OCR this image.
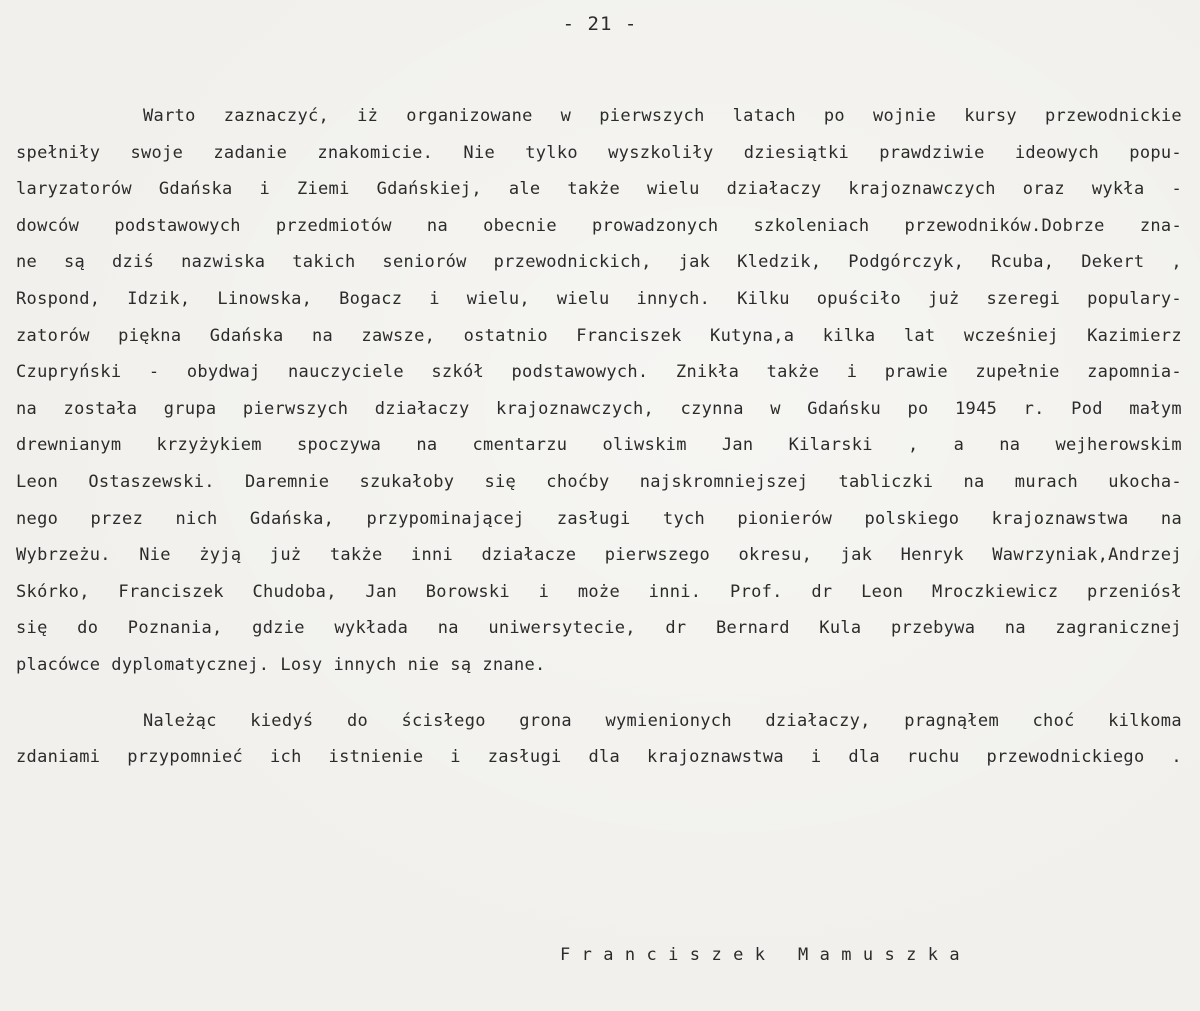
- 21 -
Warto zaznaczyć, iż organizowane w pierwszych latach po wojnie kursy przewodnickie
spełniły swoje zadanie znakomicie. Nie tylko wyszkoliły dziesiątki prawdziwie ideowych popu-
laryzatorów Gdańska i Ziemi Gdańskiej, ale także wielu działaczy krajoznawczych oraz wykła -
dowców podstawowych przedmiotów na obecnie prowadzonych szkoleniach przewodników.Dobrze zna-
ne są dziś nazwiska takich seniorów przewodnickich, jak Kledzik, Podgórczyk, Rcuba, Dekert ,
Rospond, Idzik, Linowska, Bogacz i wielu, wielu innych. Kilku opuściło już szeregi populary-
zatorów piękna Gdańska na zawsze, ostatnio Franciszek Kutyna,a kilka lat wcześniej Kazimierz
Czupryński - obydwaj nauczyciele szkół podstawowych. Znikła także i prawie zupełnie zapomnia-
na została grupa pierwszych działaczy krajoznawczych, czynna w Gdańsku po 1945 r. Pod małym
drewnianym krzyżykiem spoczywa na cmentarzu oliwskim Jan Kilarski , a na wejherowskim
Leon Ostaszewski. Daremnie szukałoby się choćby najskromniejszej tabliczki na murach ukocha-
nego przez nich Gdańska, przypominającej zasługi tych pionierów polskiego krajoznawstwa na
Wybrzeżu. Nie żyją już także inni działacze pierwszego okresu, jak Henryk Wawrzyniak,Andrzej
Skórko, Franciszek Chudoba, Jan Borowski i może inni. Prof. dr Leon Mroczkiewicz przeniósł
się do Poznania, gdzie wykłada na uniwersytecie, dr Bernard Kula przebywa na zagranicznej
placówce dyplomatycznej. Losy innych nie są znane.
Należąc kiedyś do ścisłego grona wymienionych działaczy, pragnąłem choć kilkoma
zdaniami przypomnieć ich istnienie i zasługi dla krajoznawstwa i dla ruchu przewodnickiego .
Franciszek Mamuszka
